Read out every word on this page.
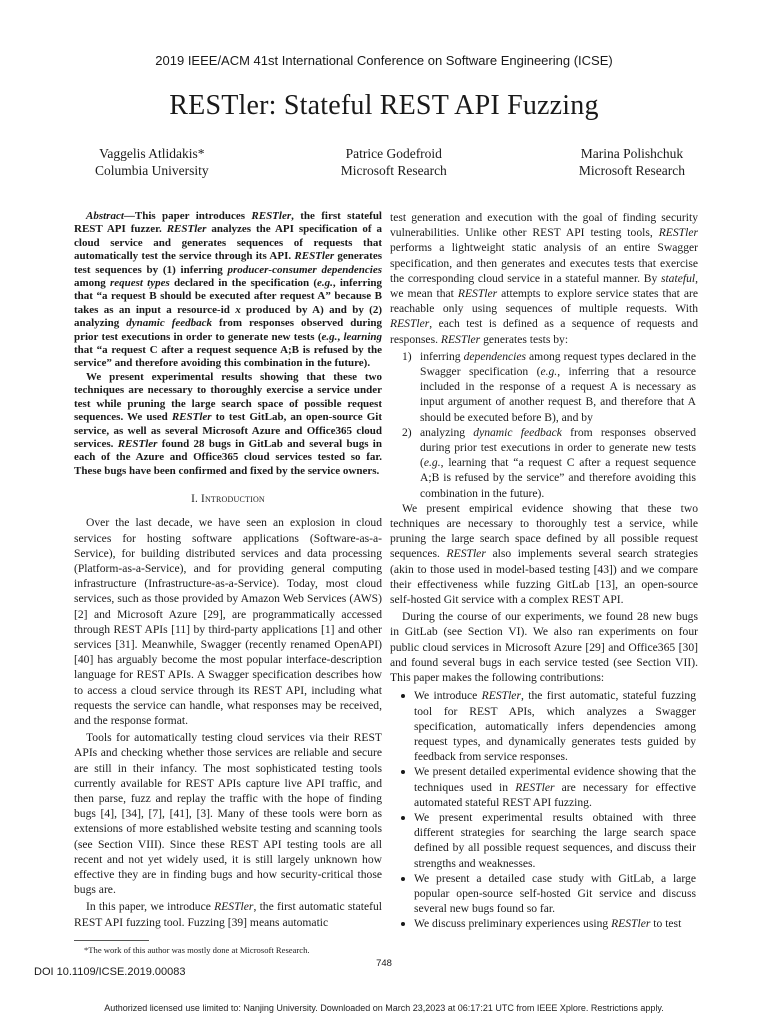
2019 IEEE/ACM 41st International Conference on Software Engineering (ICSE)
RESTler: Stateful REST API Fuzzing
Vaggelis Atlidakis*
Columbia University
Patrice Godefroid
Microsoft Research
Marina Polishchuk
Microsoft Research

Abstract—This paper introduces RESTler, the first stateful REST API fuzzer. RESTler analyzes the API specification of a cloud service and generates sequences of requests that automatically test the service through its API. RESTler generates test sequences by (1) inferring producer-consumer dependencies among request types declared in the specification (e.g., inferring that “a request B should be executed after request A” because B takes as an input a resource-id x produced by A) and by (2) analyzing dynamic feedback from responses observed during prior test executions in order to generate new tests (e.g., learning that “a request C after a request sequence A;B is refused by the service” and therefore avoiding this combination in the future).

We present experimental results showing that these two techniques are necessary to thoroughly exercise a service under test while pruning the large search space of possible request sequences. We used RESTler to test GitLab, an open-source Git service, as well as several Microsoft Azure and Office365 cloud services. RESTler found 28 bugs in GitLab and several bugs in each of the Azure and Office365 cloud services tested so far. These bugs have been confirmed and fixed by the service owners.

I. Introduction

Over the last decade, we have seen an explosion in cloud services for hosting software applications (Software-as-a-Service), for building distributed services and data processing (Platform-as-a-Service), and for providing general computing infrastructure (Infrastructure-as-a-Service). Today, most cloud services, such as those provided by Amazon Web Services (AWS) [2] and Microsoft Azure [29], are programmatically accessed through REST APIs [11] by third-party applications [1] and other services [31]. Meanwhile, Swagger (recently renamed OpenAPI) [40] has arguably become the most popular interface-description language for REST APIs. A Swagger specification describes how to access a cloud service through its REST API, including what requests the service can handle, what responses may be received, and the response format.

Tools for automatically testing cloud services via their REST APIs and checking whether those services are reliable and secure are still in their infancy. The most sophisticated testing tools currently available for REST APIs capture live API traffic, and then parse, fuzz and replay the traffic with the hope of finding bugs [4], [34], [7], [41], [3]. Many of these tools were born as extensions of more established website testing and scanning tools (see Section VIII). Since these REST API testing tools are all recent and not yet widely used, it is still largely unknown how effective they are in finding bugs and how security-critical those bugs are.

In this paper, we introduce RESTler, the first automatic stateful REST API fuzzing tool. Fuzzing [39] means automatic

*The work of this author was mostly done at Microsoft Research.

test generation and execution with the goal of finding security vulnerabilities. Unlike other REST API testing tools, RESTler performs a lightweight static analysis of an entire Swagger specification, and then generates and executes tests that exercise the corresponding cloud service in a stateful manner. By stateful, we mean that RESTler attempts to explore service states that are reachable only using sequences of multiple requests. With RESTler, each test is defined as a sequence of requests and responses. RESTler generates tests by:

1) inferring dependencies among request types declared in the Swagger specification (e.g., inferring that a resource included in the response of a request A is necessary as input argument of another request B, and therefore that A should be executed before B), and by
2) analyzing dynamic feedback from responses observed during prior test executions in order to generate new tests (e.g., learning that “a request C after a request sequence A;B is refused by the service” and therefore avoiding this combination in the future).

We present empirical evidence showing that these two techniques are necessary to thoroughly test a service, while pruning the large search space defined by all possible request sequences. RESTler also implements several search strategies (akin to those used in model-based testing [43]) and we compare their effectiveness while fuzzing GitLab [13], an open-source self-hosted Git service with a complex REST API.

During the course of our experiments, we found 28 new bugs in GitLab (see Section VI). We also ran experiments on four public cloud services in Microsoft Azure [29] and Office365 [30] and found several bugs in each service tested (see Section VII). This paper makes the following contributions:

We introduce RESTler, the first automatic, stateful fuzzing tool for REST APIs, which analyzes a Swagger specification, automatically infers dependencies among request types, and dynamically generates tests guided by feedback from service responses.
We present detailed experimental evidence showing that the techniques used in RESTler are necessary for effective automated stateful REST API fuzzing.
We present experimental results obtained with three different strategies for searching the large search space defined by all possible request sequences, and discuss their strengths and weaknesses.
We present a detailed case study with GitLab, a large popular open-source self-hosted Git service and discuss several new bugs found so far.
We discuss preliminary experiences using RESTler to test
748
DOI 10.1109/ICSE.2019.00083
Authorized licensed use limited to: Nanjing University. Downloaded on March 23,2023 at 06:17:21 UTC from IEEE Xplore. Restrictions apply.
